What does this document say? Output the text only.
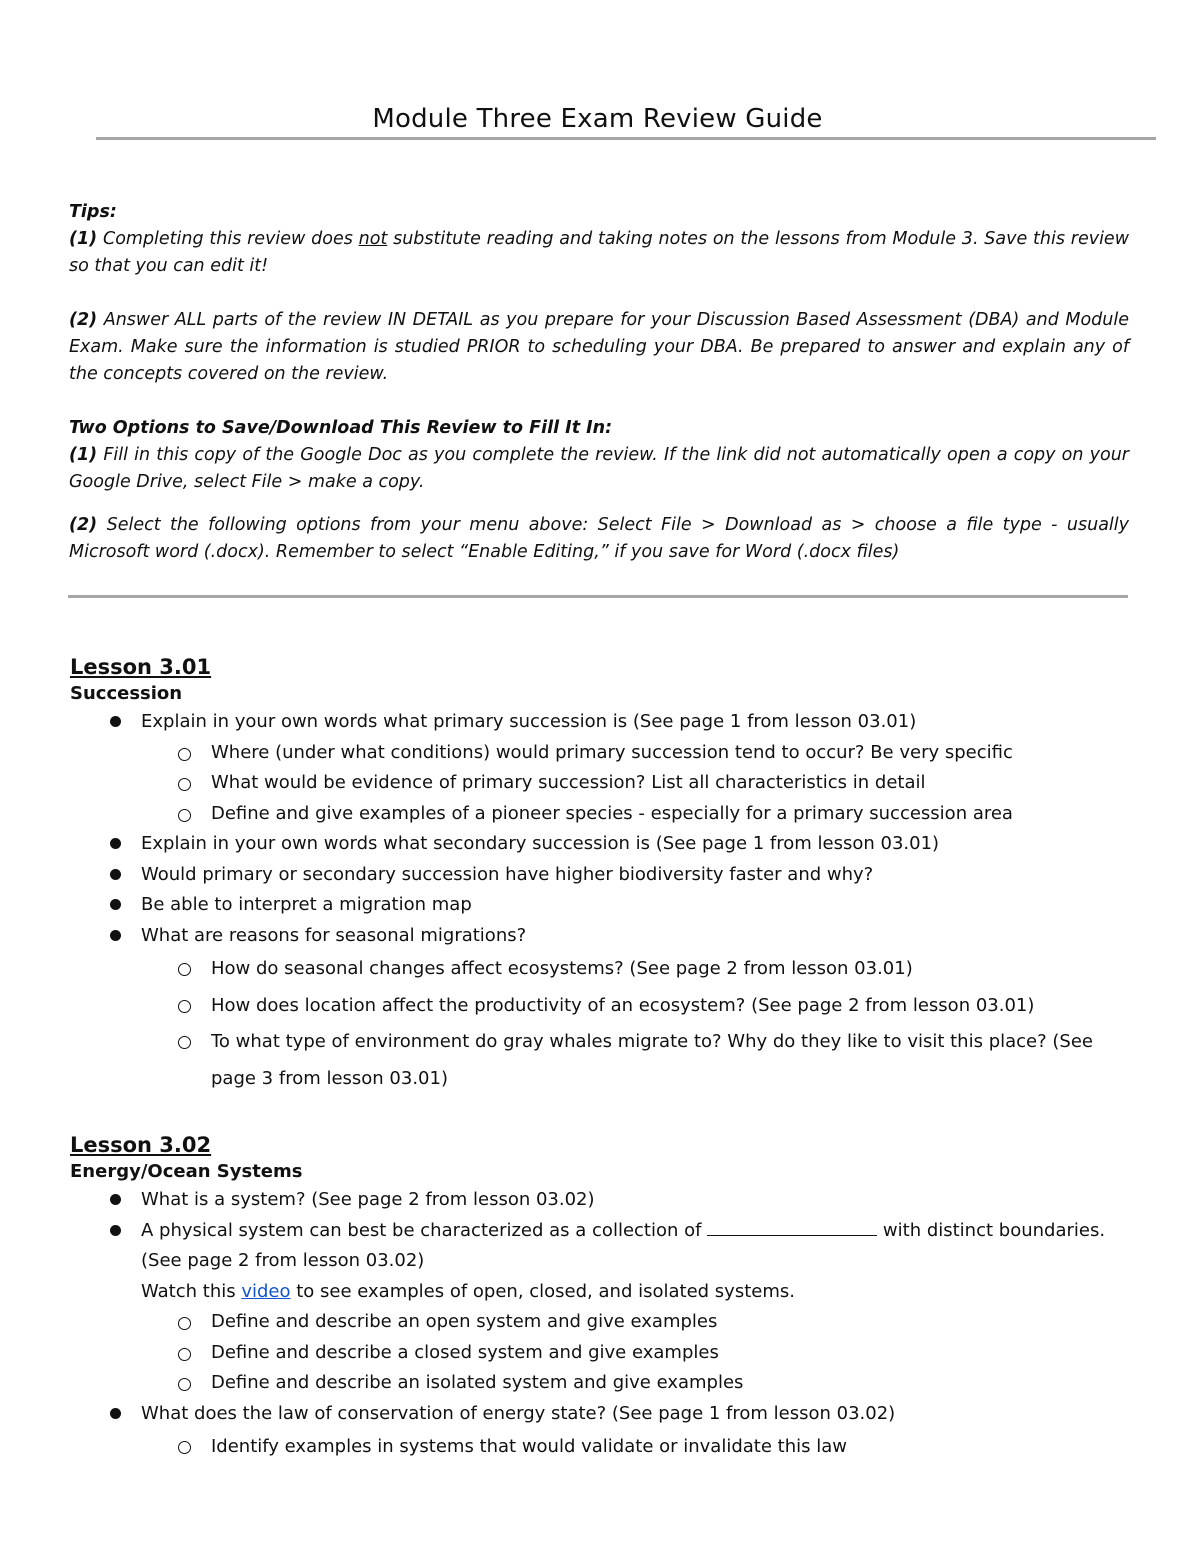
Module Three Exam Review Guide

Tips:

(1) Completing this review does not substitute reading and taking notes on the lessons from Module 3. Save this review so that you can edit it!

(2) Answer ALL parts of the review IN DETAIL as you prepare for your Discussion Based Assessment (DBA) and Module Exam. Make sure the information is studied PRIOR to scheduling your DBA. Be prepared to answer and explain any of the concepts covered on the review.

Two Options to Save/Download This Review to Fill It In:

(1) Fill in this copy of the Google Doc as you complete the review. If the link did not automatically open a copy on your Google Drive, select File > make a copy.

(2) Select the following options from your menu above: Select File > Download as > choose a file type - usually Microsoft word (.docx). Remember to select “Enable Editing,” if you save for Word (.docx files)

Lesson 3.01

Succession

Explain in your own words what primary succession is (See page 1 from lesson 03.01)
Where (under what conditions) would primary succession tend to occur? Be very specific
What would be evidence of primary succession? List all characteristics in detail
Define and give examples of a pioneer species - especially for a primary succession area
Explain in your own words what secondary succession is (See page 1 from lesson 03.01)
Would primary or secondary succession have higher biodiversity faster and why?
Be able to interpret a migration map
What are reasons for seasonal migrations?
How do seasonal changes affect ecosystems? (See page 2 from lesson 03.01)
How does location affect the productivity of an ecosystem? (See page 2 from lesson 03.01)
To what type of environment do gray whales migrate to? Why do they like to visit this place? (See page 3 from lesson 03.01)

Lesson 3.02

Energy/Ocean Systems

What is a system? (See page 2 from lesson 03.02)
A physical system can best be characterized as a collection of	with distinct boundaries. (See page 2 from lesson 03.02)
Watch this video to see examples of open, closed, and isolated systems.
Define and describe an open system and give examples
Define and describe a closed system and give examples
Define and describe an isolated system and give examples
What does the law of conservation of energy state? (See page 1 from lesson 03.02)
Identify examples in systems that would validate or invalidate this law
